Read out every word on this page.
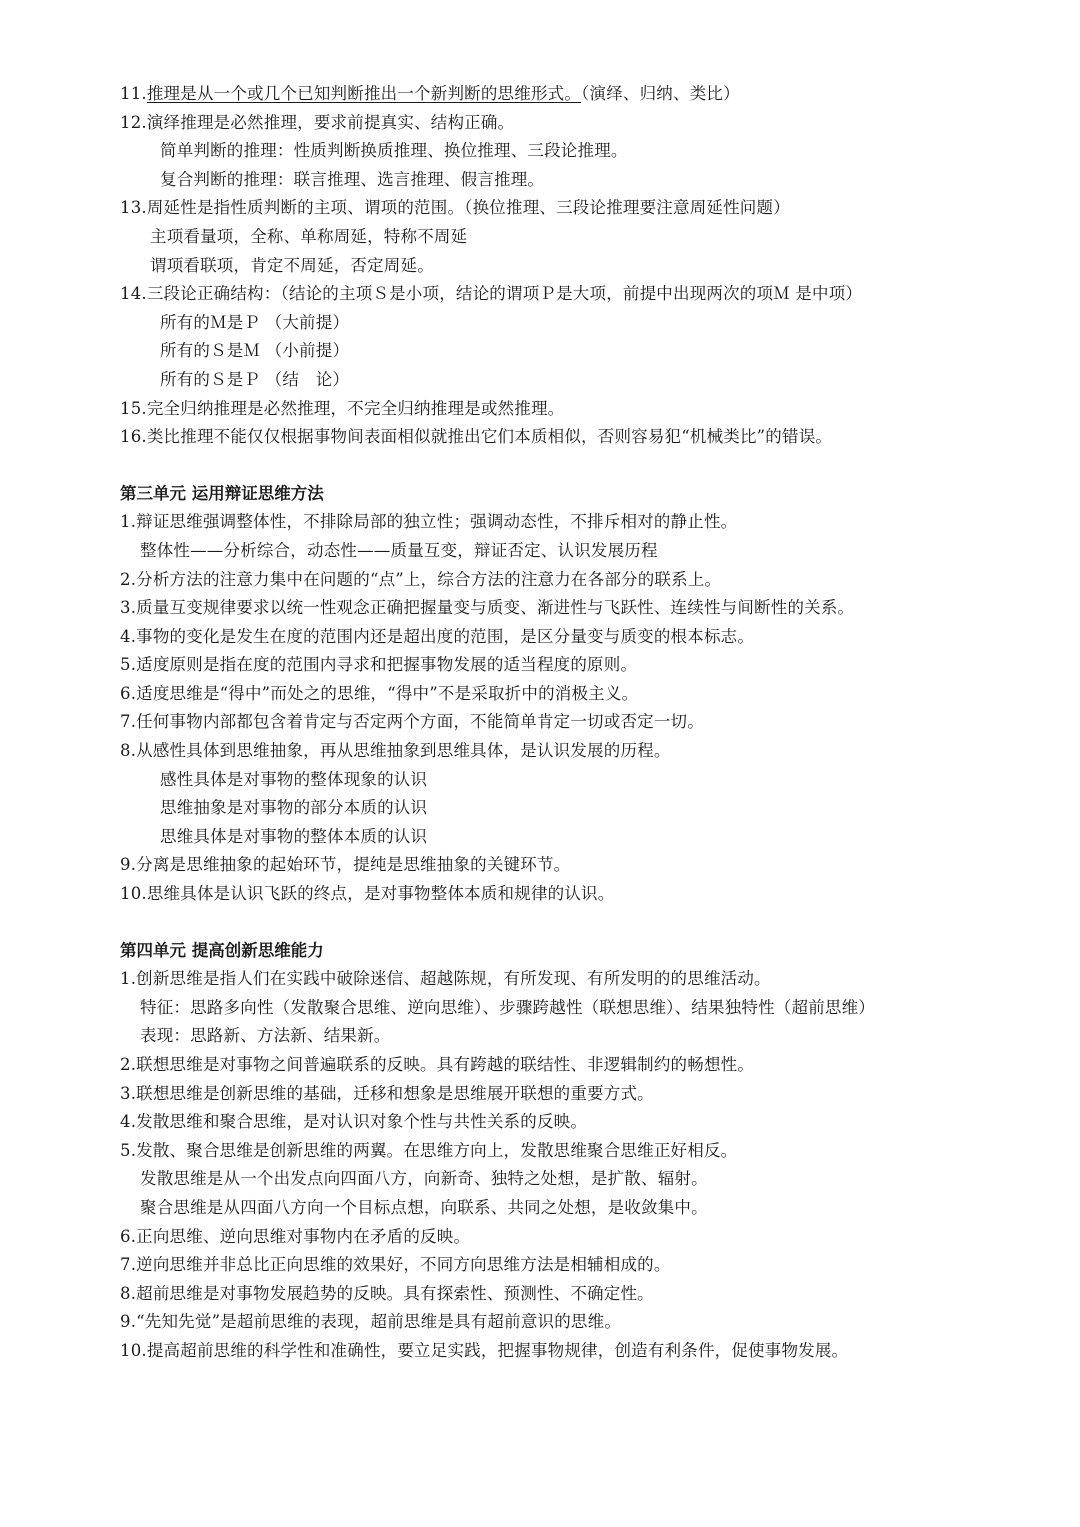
11.推理是从一个或几个已知判断推出一个新判断的思维形式。（演绎、归纳、类比）
12.演绎推理是必然推理，要求前提真实、结构正确。
简单判断的推理：性质判断换质推理、换位推理、三段论推理。
复合判断的推理：联言推理、选言推理、假言推理。
13.周延性是指性质判断的主项、谓项的范围。（换位推理、三段论推理要注意周延性问题）
主项看量项，全称、单称周延，特称不周延
谓项看联项，肯定不周延，否定周延。
14.三段论正确结构：（结论的主项Ｓ是小项，结论的谓项Ｐ是大项，前提中出现两次的项Ｍ 是中项）
所有的Ｍ是Ｐ （大前提）
所有的Ｓ是Ｍ （小前提）
所有的Ｓ是Ｐ （结　论）
15.完全归纳推理是必然推理，不完全归纳推理是或然推理。
16.类比推理不能仅仅根据事物间表面相似就推出它们本质相似，否则容易犯“机械类比”的错误。
第三单元 运用辩证思维方法
1.辩证思维强调整体性，不排除局部的独立性；强调动态性，不排斥相对的静止性。
整体性——分析综合，动态性——质量互变，辩证否定、认识发展历程
2.分析方法的注意力集中在问题的“点”上，综合方法的注意力在各部分的联系上。
3.质量互变规律要求以统一性观念正确把握量变与质变、渐进性与飞跃性、连续性与间断性的关系。
4.事物的变化是发生在度的范围内还是超出度的范围，是区分量变与质变的根本标志。
5.适度原则是指在度的范围内寻求和把握事物发展的适当程度的原则。
6.适度思维是“得中”而处之的思维，“得中”不是采取折中的消极主义。
7.任何事物内部都包含着肯定与否定两个方面，不能简单肯定一切或否定一切。
8.从感性具体到思维抽象，再从思维抽象到思维具体，是认识发展的历程。
感性具体是对事物的整体现象的认识
思维抽象是对事物的部分本质的认识
思维具体是对事物的整体本质的认识
9.分离是思维抽象的起始环节，提纯是思维抽象的关键环节。
10.思维具体是认识飞跃的终点，是对事物整体本质和规律的认识。
第四单元 提高创新思维能力
1.创新思维是指人们在实践中破除迷信、超越陈规，有所发现、有所发明的的思维活动。
特征：思路多向性（发散聚合思维、逆向思维）、步骤跨越性（联想思维）、结果独特性（超前思维）
表现：思路新、方法新、结果新。
2.联想思维是对事物之间普遍联系的反映。具有跨越的联结性、非逻辑制约的畅想性。
3.联想思维是创新思维的基础，迁移和想象是思维展开联想的重要方式。
4.发散思维和聚合思维，是对认识对象个性与共性关系的反映。
5.发散、聚合思维是创新思维的两翼。在思维方向上，发散思维聚合思维正好相反。
发散思维是从一个出发点向四面八方，向新奇、独特之处想，是扩散、辐射。
聚合思维是从四面八方向一个目标点想，向联系、共同之处想，是收敛集中。
6.正向思维、逆向思维对事物内在矛盾的反映。
7.逆向思维并非总比正向思维的效果好，不同方向思维方法是相辅相成的。
8.超前思维是对事物发展趋势的反映。具有探索性、预测性、不确定性。
9.“先知先觉”是超前思维的表现，超前思维是具有超前意识的思维。
10.提高超前思维的科学性和准确性，要立足实践，把握事物规律，创造有利条件，促使事物发展。
